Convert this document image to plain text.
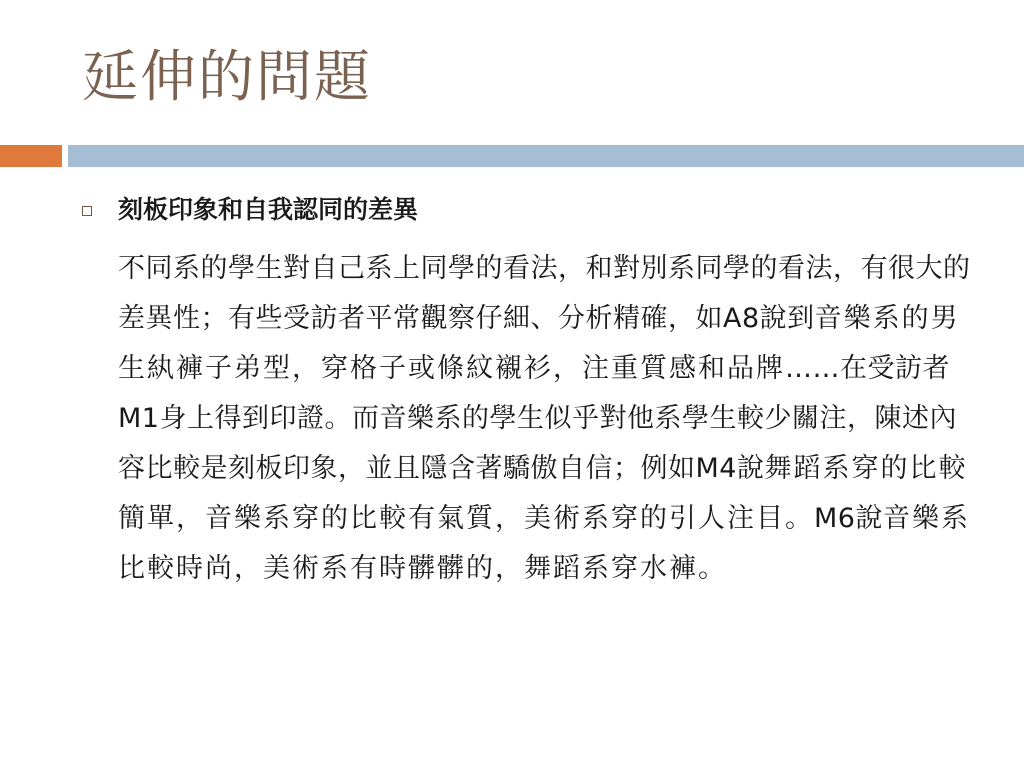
延伸的問題
刻板印象和自我認同的差異
不同系的學生對自己系上同學的看法，和對別系同學的看法，有很大的差異性；有些受訪者平常觀察仔細、分析精確，如A8說到音樂系的男生紈褲子弟型，穿格子或條紋襯衫，注重質感和品牌……在受訪者M1身上得到印證。而音樂系的學生似乎對他系學生較少關注，陳述內容比較是刻板印象，並且隱含著驕傲自信；例如M4說舞蹈系穿的比較簡單，音樂系穿的比較有氣質，美術系穿的引人注目。M6說音樂系比較時尚，美術系有時髒髒的，舞蹈系穿水褲。
